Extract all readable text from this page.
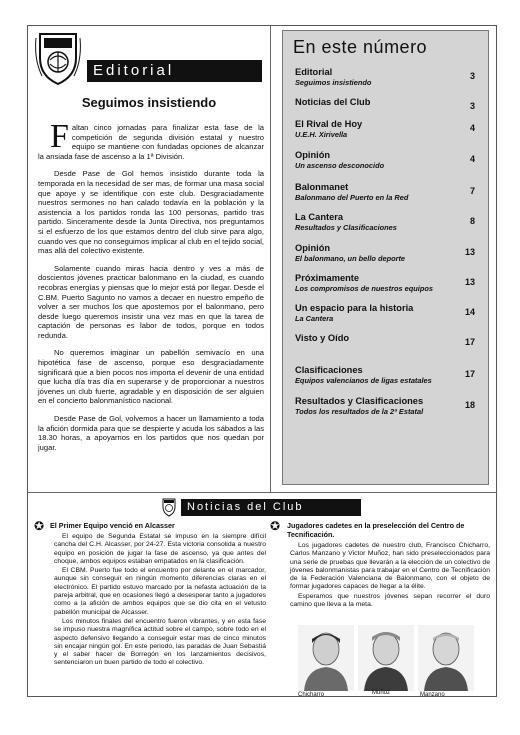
Editorial
Seguimos insistiendo

Faltan cinco jornadas para finalizar esta fase de la competición de segunda división estatal y nuestro equipo se mantiene con fundadas opciones de alcanzar la ansiada fase de ascenso a la 1ª División.

Desde Pase de Gol hemos insistido durante toda la temporada en la necesidad de ser mas, de formar una masa social que apoye y se identifique con este club. Desgraciadamente nuestros sermones no han calado todavía en la población y la asistencia a los partidos ronda las 100 personas, partido tras partido. Sinceramente desde la Junta Directiva, nos preguntamos si el esfuerzo de los que estamos dentro del club sirve para algo, cuando ves que no conseguimos implicar al club en el tejido social, mas allá del colectivo existente.

Solamente cuando miras hacia dentro y ves a más de doscientos jóvenes practicar balonmano en la ciudad, es cuando recobras energías y piensas que lo mejor está por llegar. Desde el C.BM. Puerto Sagunto no vamos a decaer en nuestro empeño de volver a ser muchos los que apostemos por el balonmano, pero desde luego queremos insistir una vez mas en que la tarea de captación de personas es labor de todos, porque en todos redunda.

No queremos imaginar un pabellón semivacío en una hipotética fase de ascenso, porque eso desgraciadamente significará que a bien pocos nos importa el devenir de una entidad que lucha día tras día en superarse y de proporcionar a nuestros jóvenes un club fuerte, agradable y en disposición de ser alguien en el concierto balonmanístico nacional.

Desde Pase de Gol, volvemos a hacer un llamamiento a toda la afición dormida para que se despierte y acuda los sábados a las 18.30 horas, a apoyarnos en los partidos que nos quedan por jugar.

En este número
Editorial
Seguimos insistiendo
3
Noticias del Club	3
El Rival de Hoy
U.E.H. Xirivella
4
Opinión
Un ascenso desconocido
4
Balonmanet
Balonmano del Puerto en la Red
7
La Cantera
Resultados y Clasificaciones
8
Opinión
El balonmano, un bello deporte
13
Próximamente
Los compromisos de nuestros equipos
13
Un espacio para la historia
La Cantera
14
Visto y Oído	17
Clasificaciones
Equipos valencianos de ligas estatales
17
Resultados y Clasificaciones
Todos los resultados de la 2ª Estatal
18
Noticias del Club
✪ El Primer Equipo venció en Alcasser

El equipo de Segunda Estatal se impuso en la siempre difícil cancha del C.H. Alcasser, por 24-27. Esta victoria consolida a nuestro equipo en posición de jugar la fase de ascenso, ya que antes del choque, ambos equipos estaban empatados en la clasificación.

El CBM. Puerto fue todo el encuentro por delante en el marcador, aunque sin conseguir en ningún momento diferencias claras en el electrónico. El partido estuvo marcado por la nefasta actuación de la pareja arbitral, que en ocasiones llegó a desesperar tanto a jugadores como a la afición de ambos equipos que se dio cita en el vetusto pabellón municipal de Alcasser.

Los minutos finales del encuentro fueron vibrantes, y en esta fase se impuso nuestra magnífica actitud sobre el campo, sobre todo en el aspecto defensivo llegando a conseguir estar mas de cinco minutos sin encajar ningún gol. En este periodo, las paradas de Juan Sebastiá y el saber hacer de Borregón en los lanzamientos decisivos, sentenciaron un buen partido de todo el colectivo.

✪ Jugadores cadetes en la preselección del Centro de Tecnificación.

Los jugadores cadetes de nuestro club, Francisco Chicharro, Carlos Manzano y Victor Muñoz, han sido preseleccionados para una serie de pruebas que llevarán a la elección de un colectivo de jóvenes balonmanistas para trabajar en el Centro de Tecnificación de la Federación Valenciana de Balonmano, con el objeto de formar jugadores capaces de llegar a la élite.

Esperamos que nuestros jóvenes sepan recorrer el duro camino que lleva a la meta.

Chicharro	Muñoz	Manzano
